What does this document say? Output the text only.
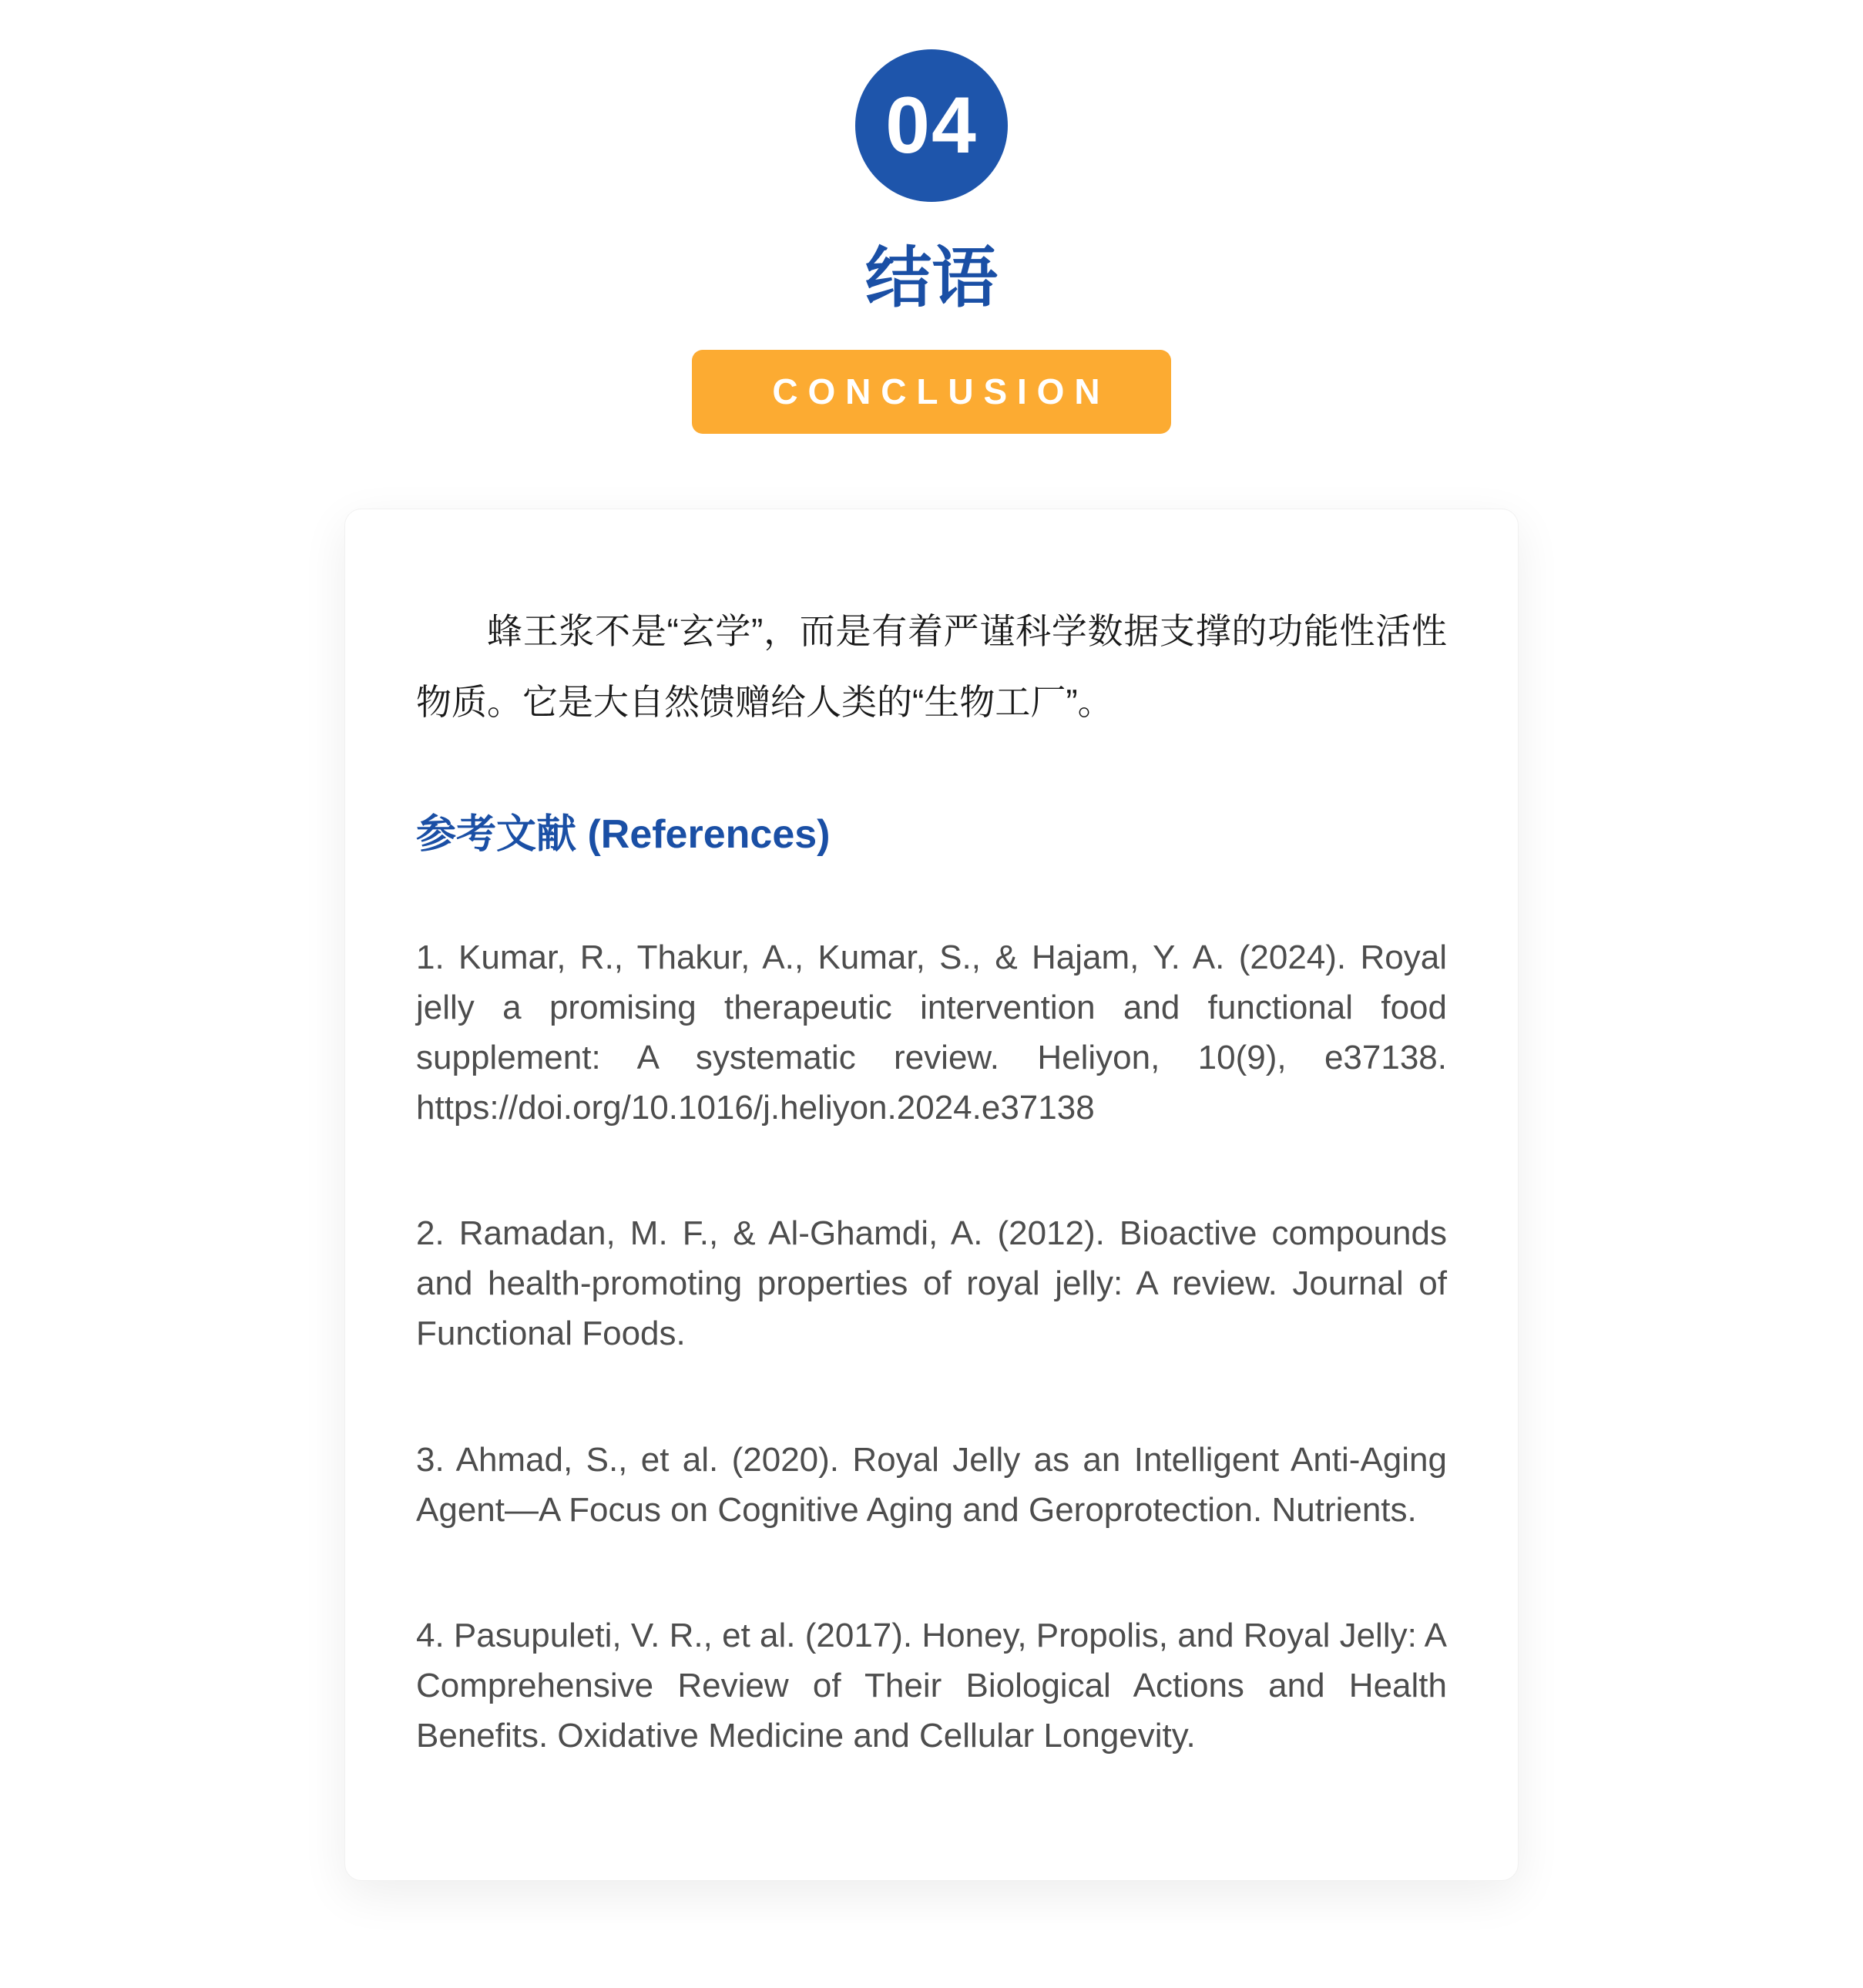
04
结语
CONCLUSION

蜂王浆不是“玄学”，而是有着严谨科学数据支撑的功能性活性物质。它是大自然馈赠给人类的“生物工厂”。

参考文献 (References)

1. Kumar, R., Thakur, A., Kumar, S., & Hajam, Y. A. (2024). Royal jelly a promising therapeutic intervention and functional food supplement: A systematic review. Heliyon, 10(9), e37138. https://doi.org/10.1016/j.heliyon.2024.e37138

2. Ramadan, M. F., & Al-Ghamdi, A. (2012). Bioactive compounds and health-promoting properties of royal jelly: A review. Journal of Functional Foods.

3. Ahmad, S., et al. (2020). Royal Jelly as an Intelligent Anti-Aging Agent—A Focus on Cognitive Aging and Geroprotection. Nutrients.

4. Pasupuleti, V. R., et al. (2017). Honey, Propolis, and Royal Jelly: A Comprehensive Review of Their Biological Actions and Health Benefits. Oxidative Medicine and Cellular Longevity.
